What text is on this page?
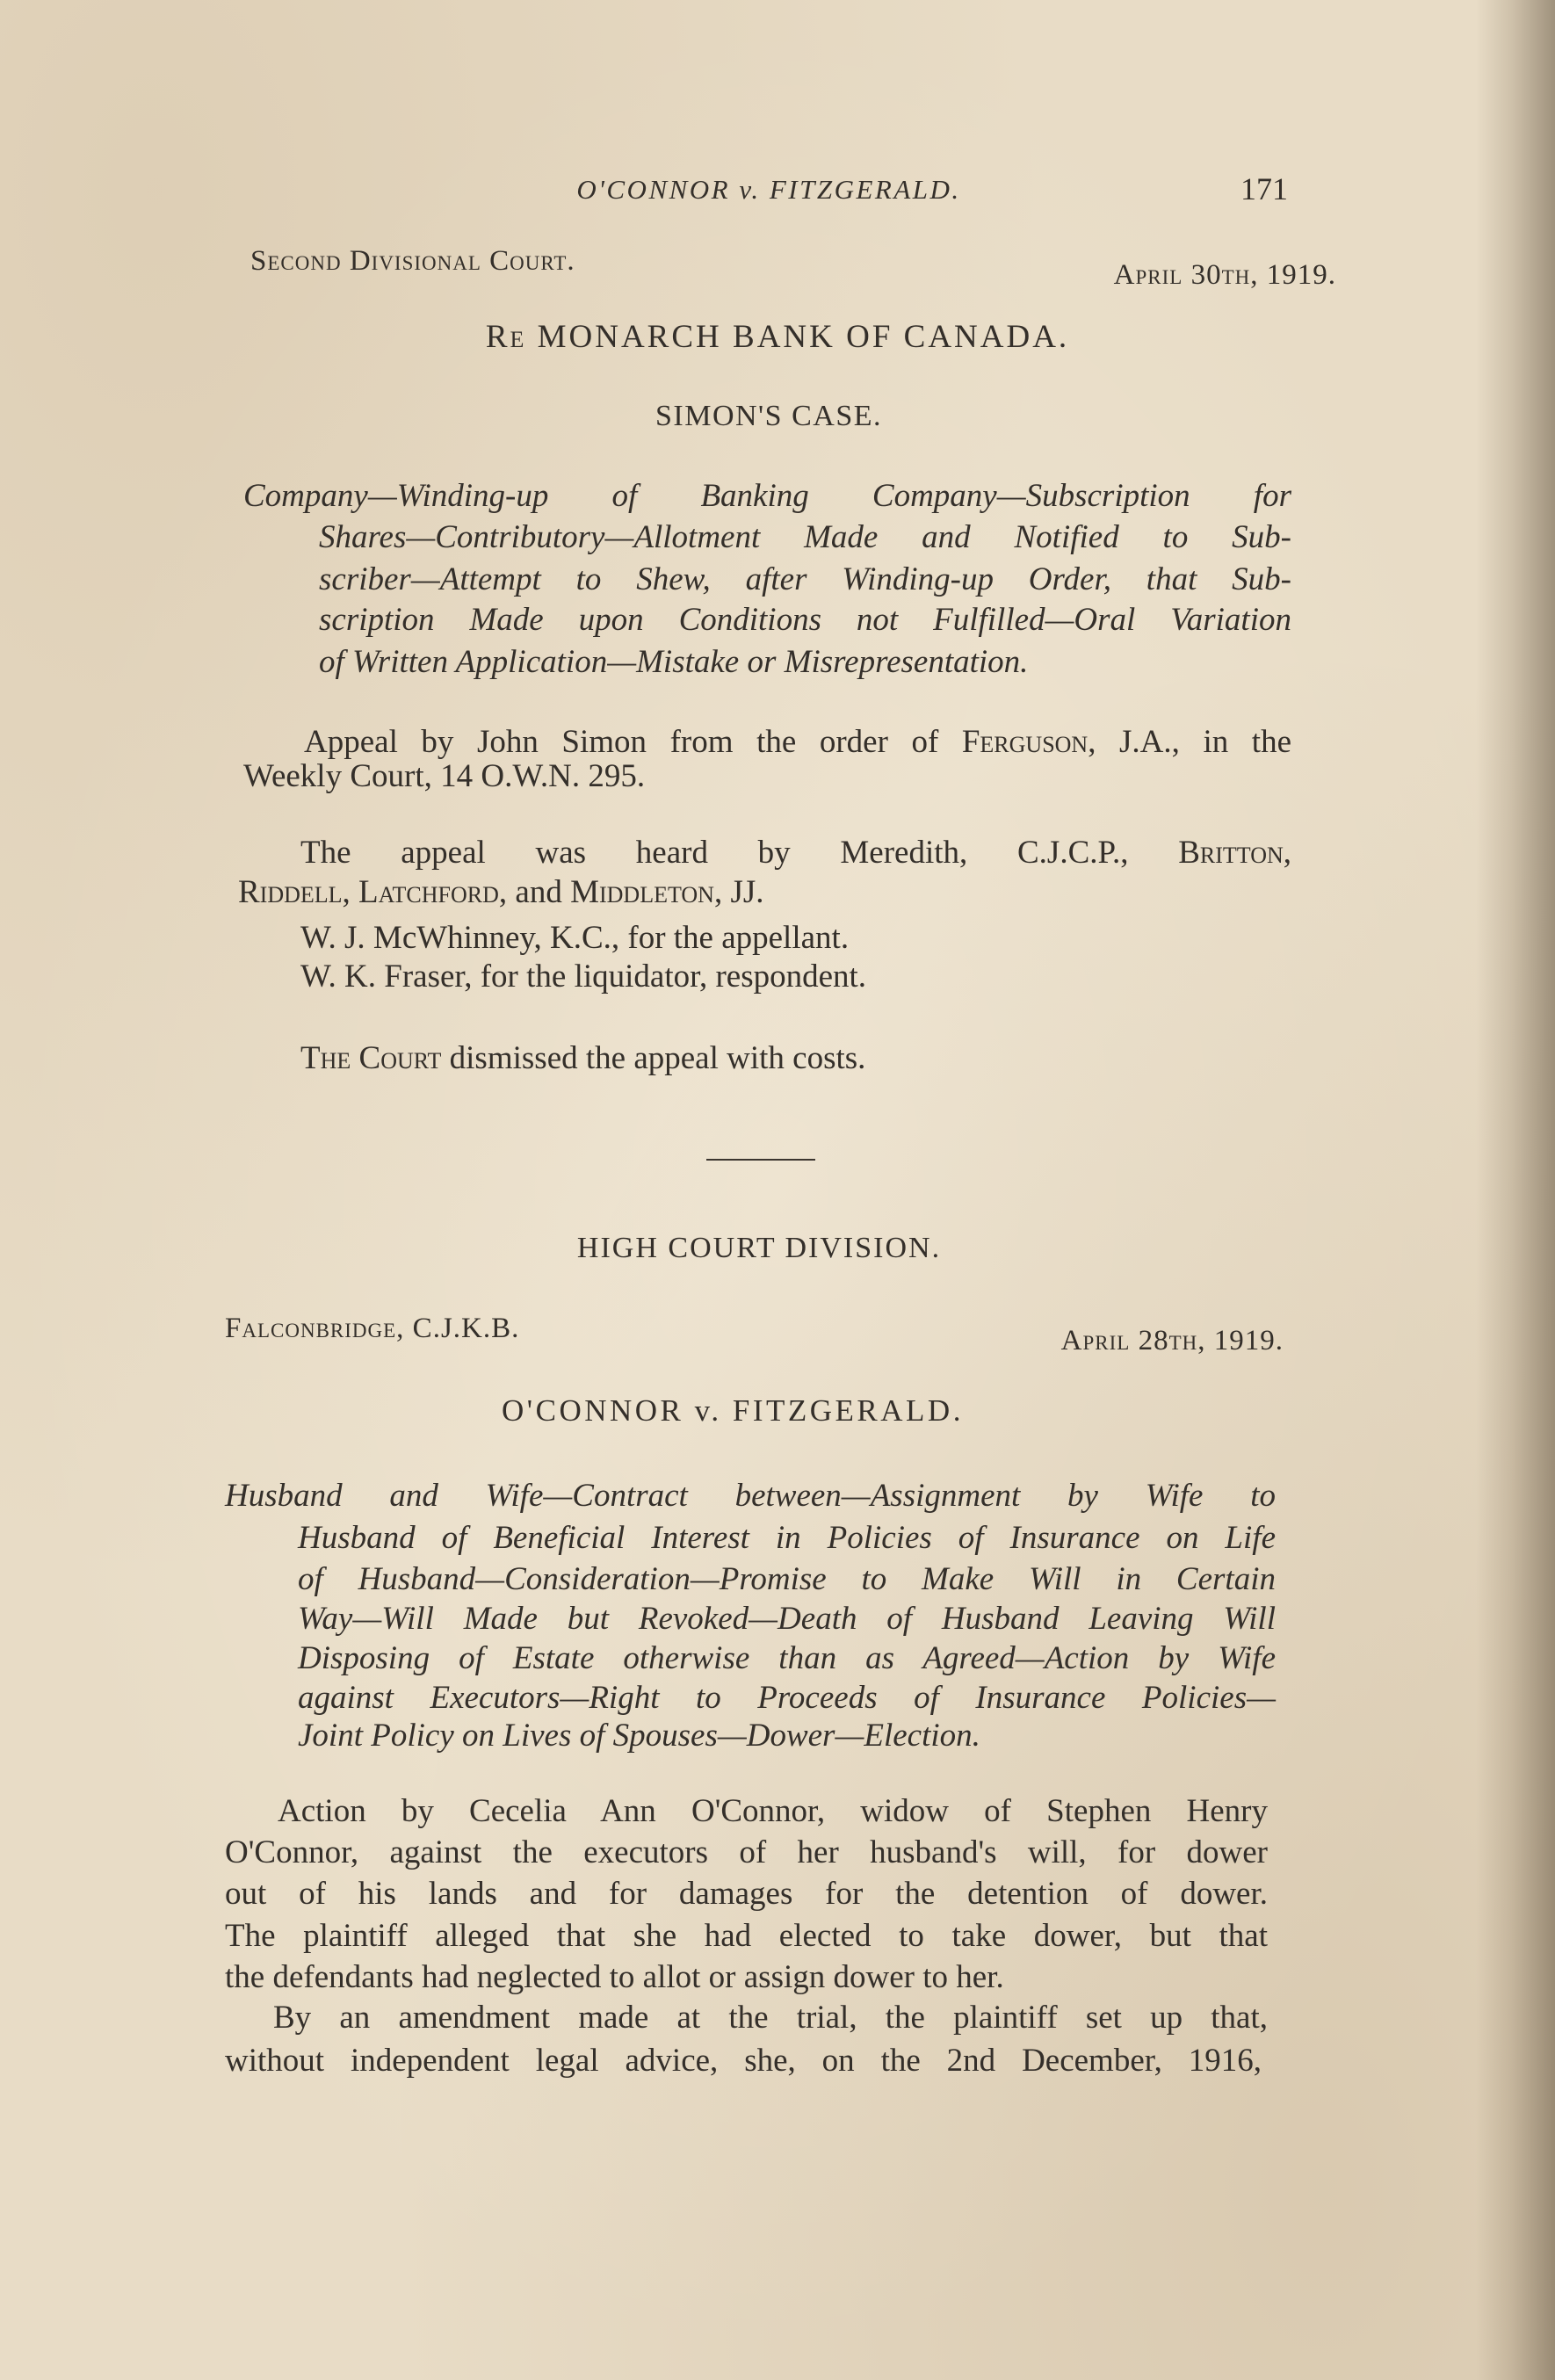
O'CONNOR v. FITZGERALD.	171
Second Divisional Court.	April 30th, 1919.
Re MONARCH BANK OF CANADA.
SIMON'S CASE.
Company—Winding-up of Banking Company—Subscription for
Shares—Contributory—Allotment Made and Notified to Sub-
scriber—Attempt to Shew, after Winding-up Order, that Sub-
scription Made upon Conditions not Fulfilled—Oral Variation
of Written Application—Mistake or Misrepresentation.
Appeal by John Simon from the order of Ferguson, J.A., in the
Weekly Court, 14 O.W.N. 295.
The appeal was heard by Meredith, C.J.C.P., Britton,
Riddell, Latchford, and Middleton, JJ.
W. J. McWhinney, K.C., for the appellant.
W. K. Fraser, for the liquidator, respondent.
The Court dismissed the appeal with costs.
HIGH COURT DIVISION.
Falconbridge, C.J.K.B.	April 28th, 1919.
O'CONNOR v. FITZGERALD.
Husband and Wife—Contract between—Assignment by Wife to
Husband of Beneficial Interest in Policies of Insurance on Life
of Husband—Consideration—Promise to Make Will in Certain
Way—Will Made but Revoked—Death of Husband Leaving Will
Disposing of Estate otherwise than as Agreed—Action by Wife
against Executors—Right to Proceeds of Insurance Policies—
Joint Policy on Lives of Spouses—Dower—Election.
Action by Cecelia Ann O'Connor, widow of Stephen Henry
O'Connor, against the executors of her husband's will, for dower
out of his lands and for damages for the detention of dower.
The plaintiff alleged that she had elected to take dower, but that
the defendants had neglected to allot or assign dower to her.
By an amendment made at the trial, the plaintiff set up that,
without independent legal advice, she, on the 2nd December, 1916,
